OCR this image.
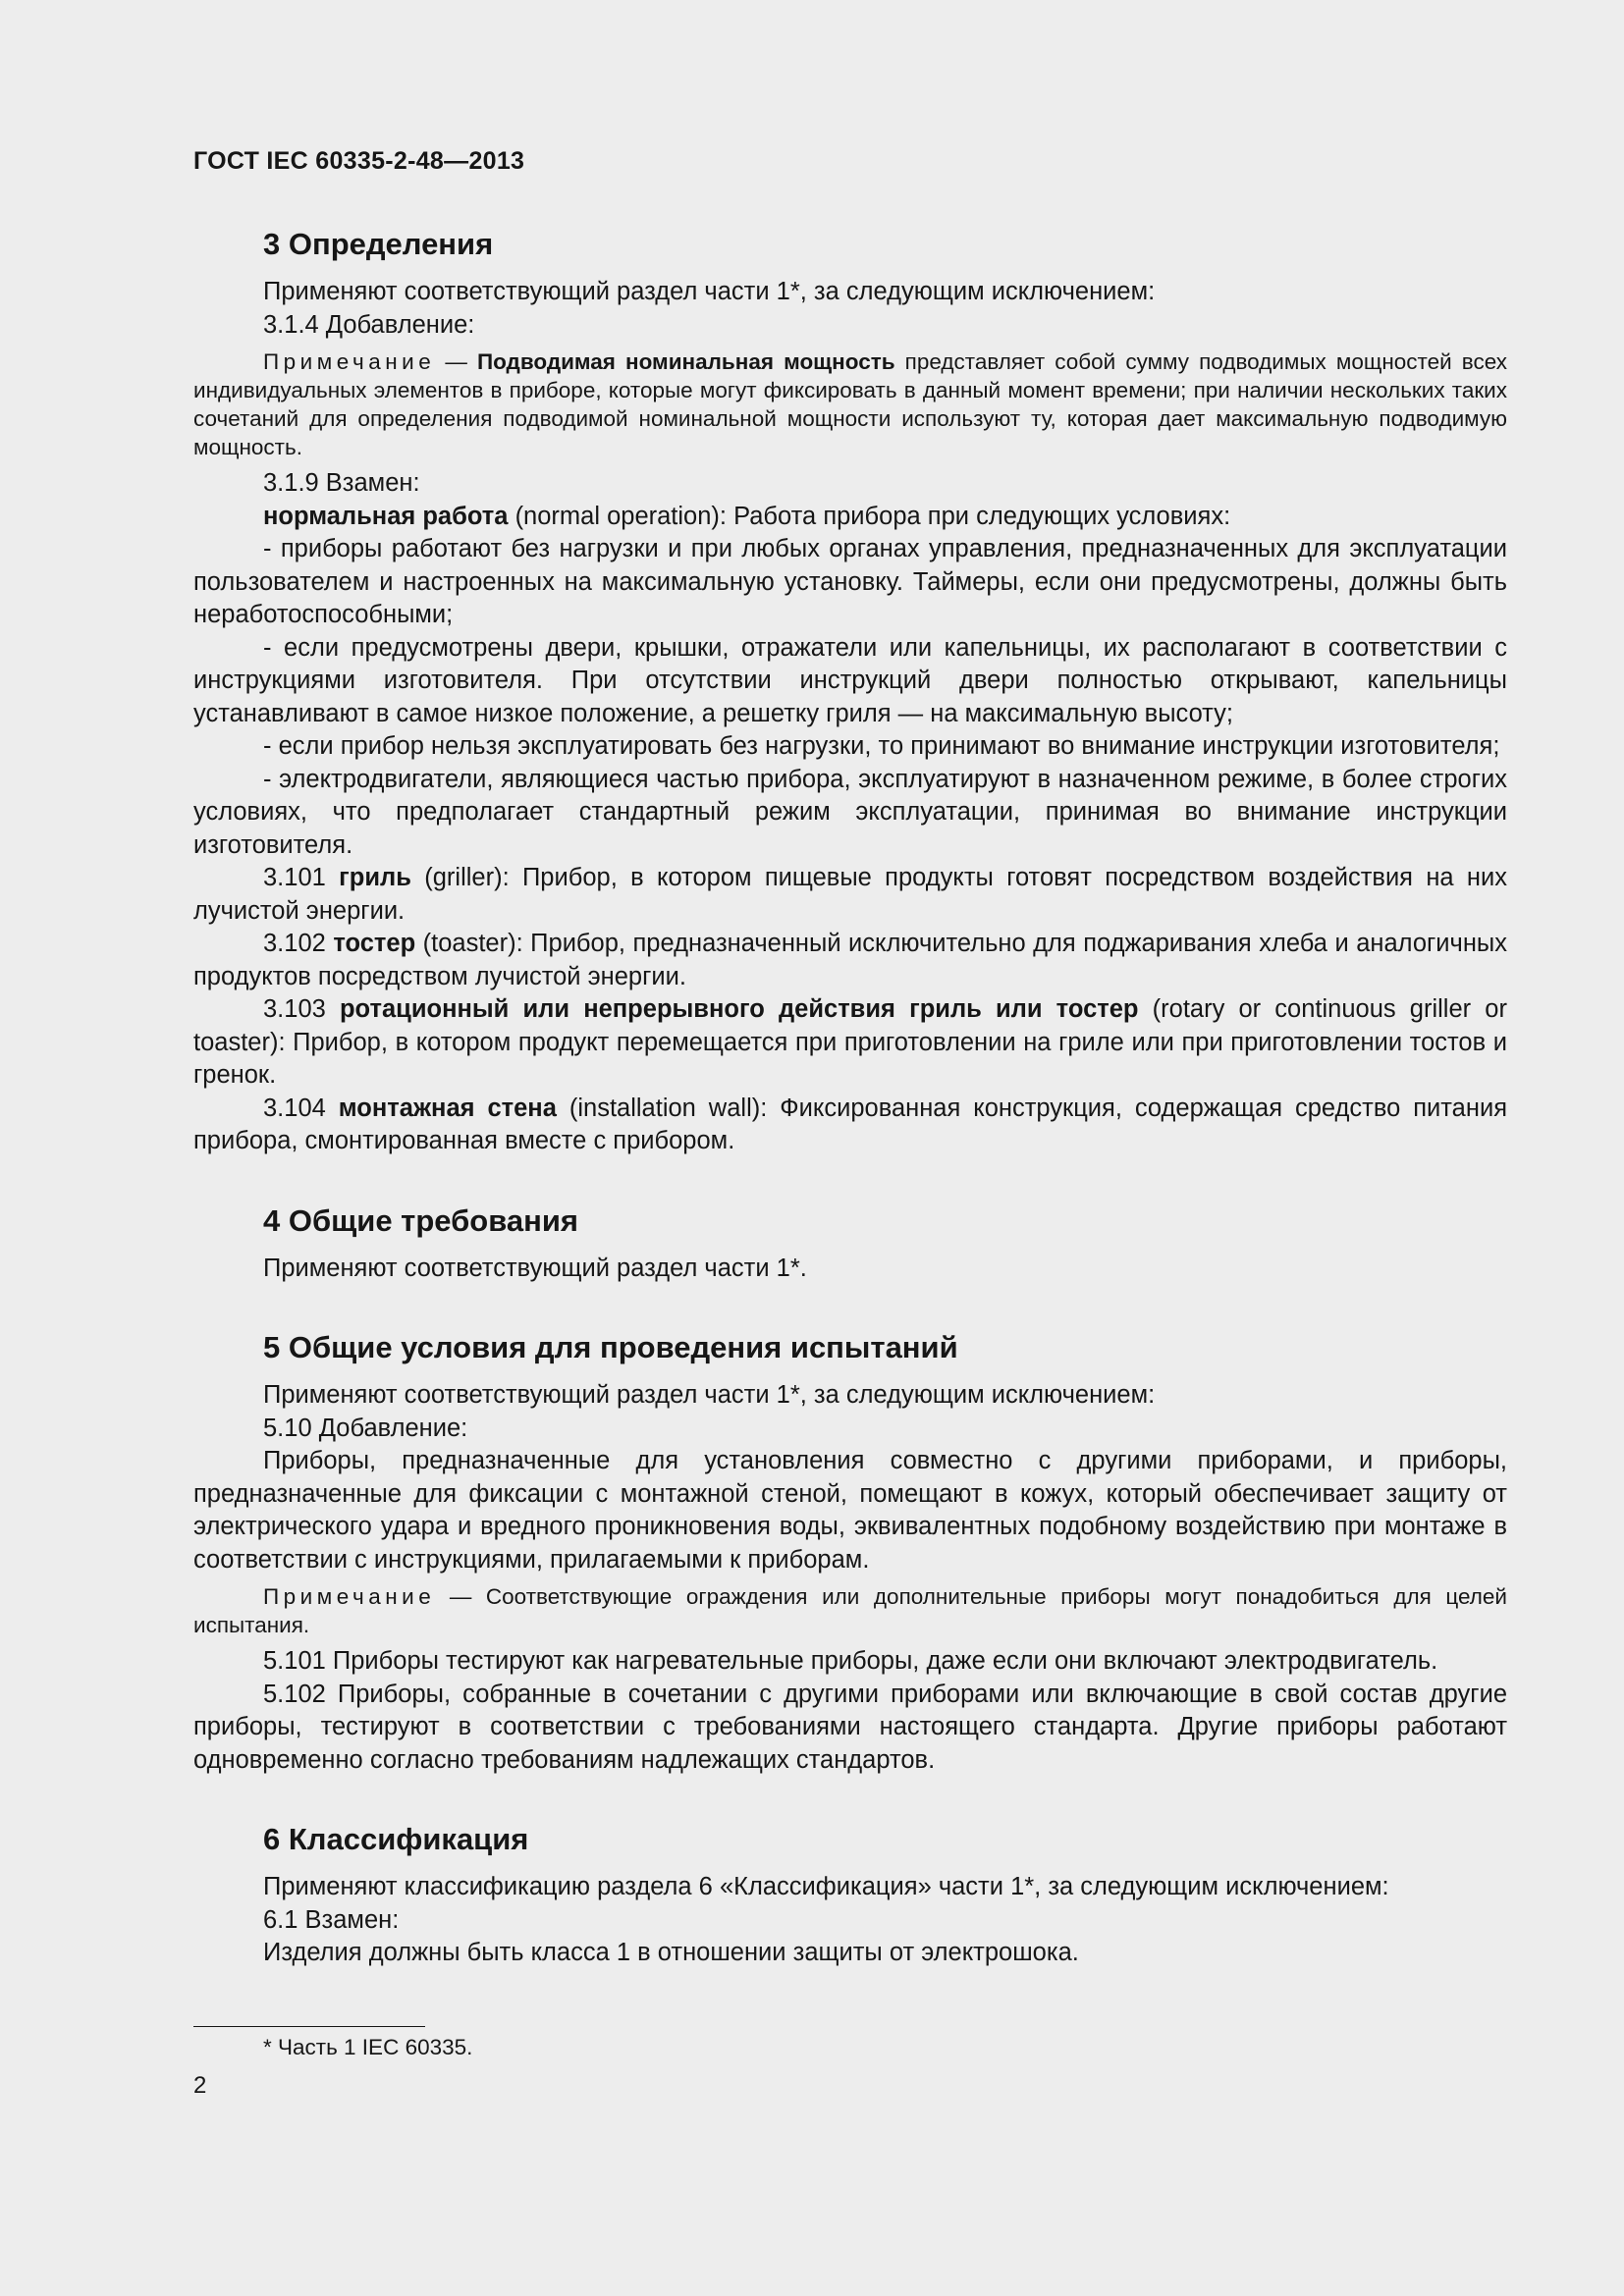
ГОСТ IEC 60335-2-48—2013
3 Определения

Применяют соответствующий раздел части 1*, за следующим исключением:

3.1.4 Добавление:

Примечание — Подводимая номинальная мощность представляет собой сумму подводимых мощностей всех индивидуальных элементов в приборе, которые могут фиксировать в данный момент времени; при наличии нескольких таких сочетаний для определения подводимой номинальной мощности используют ту, которая дает максимальную подводимую мощность.

3.1.9 Взамен:

нормальная работа (normal operation): Работа прибора при следующих условиях:

- приборы работают без нагрузки и при любых органах управления, предназначенных для эксплуатации пользователем и настроенных на максимальную установку. Таймеры, если они предусмотрены, должны быть неработоспособными;

- если предусмотрены двери, крышки, отражатели или капельницы, их располагают в соответствии с инструкциями изготовителя. При отсутствии инструкций двери полностью открывают, капельницы устанавливают в самое низкое положение, а решетку гриля — на максимальную высоту;

- если прибор нельзя эксплуатировать без нагрузки, то принимают во внимание инструкции изготовителя;

- электродвигатели, являющиеся частью прибора, эксплуатируют в назначенном режиме, в более строгих условиях, что предполагает стандартный режим эксплуатации, принимая во внимание инструкции изготовителя.

3.101 гриль (griller): Прибор, в котором пищевые продукты готовят посредством воздействия на них лучистой энергии.

3.102 тостер (toaster): Прибор, предназначенный исключительно для поджаривания хлеба и аналогичных продуктов посредством лучистой энергии.

3.103 ротационный или непрерывного действия гриль или тостер (rotary or continuous griller or toaster): Прибор, в котором продукт перемещается при приготовлении на гриле или при приготовлении тостов и гренок.

3.104 монтажная стена (installation wall): Фиксированная конструкция, содержащая средство питания прибора, смонтированная вместе с прибором.

4 Общие требования

Применяют соответствующий раздел части 1*.

5 Общие условия для проведения испытаний

Применяют соответствующий раздел части 1*, за следующим исключением:

5.10 Добавление:

Приборы, предназначенные для установления совместно с другими приборами, и приборы, предназначенные для фиксации с монтажной стеной, помещают в кожух, который обеспечивает защиту от электрического удара и вредного проникновения воды, эквивалентных подобному воздействию при монтаже в соответствии с инструкциями, прилагаемыми к приборам.

Примечание — Соответствующие ограждения или дополнительные приборы могут понадобиться для целей испытания.

5.101 Приборы тестируют как нагревательные приборы, даже если они включают электродвигатель.

5.102 Приборы, собранные в сочетании с другими приборами или включающие в свой состав другие приборы, тестируют в соответствии с требованиями настоящего стандарта. Другие приборы работают одновременно согласно требованиям надлежащих стандартов.

6 Классификация

Применяют классификацию раздела 6 «Классификация» части 1*, за следующим исключением:

6.1 Взамен:

Изделия должны быть класса 1 в отношении защиты от электрошока.

* Часть 1 IEC 60335.
2
